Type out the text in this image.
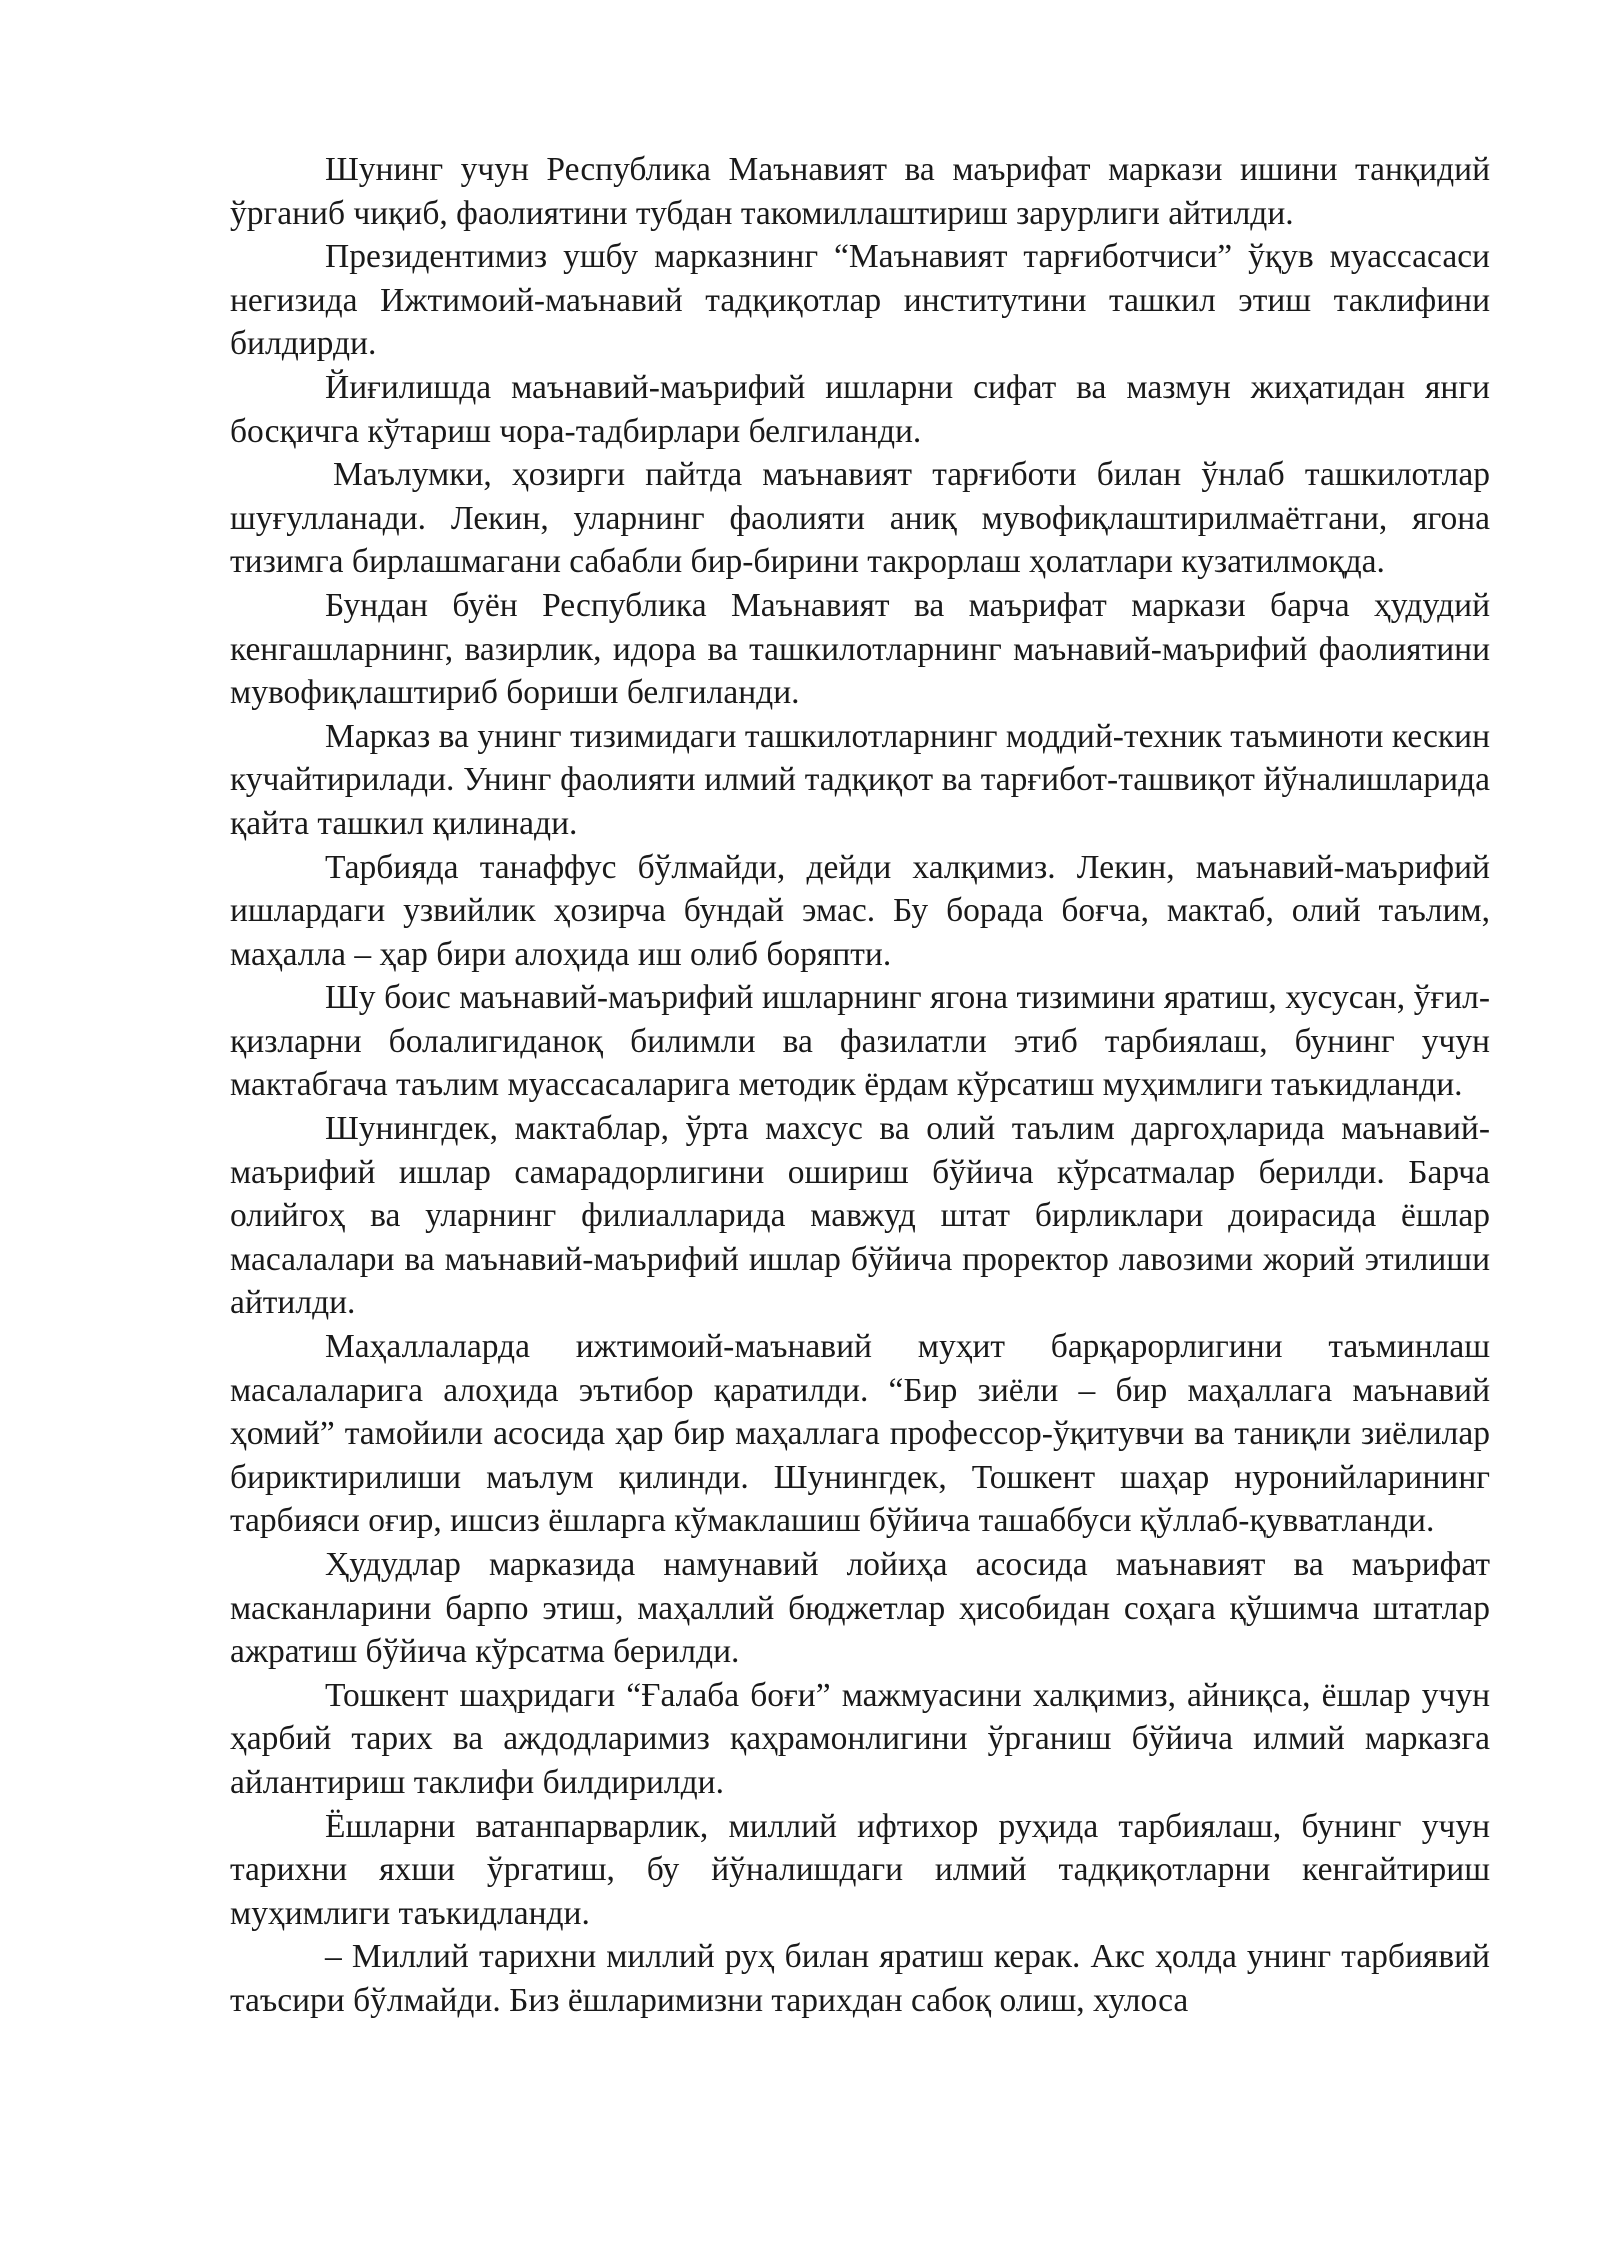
Шунинг учун Республика Маънавият ва маърифат маркази ишини танқидий ўрганиб чиқиб, фаолиятини тубдан такомиллаштириш зарурлиги айтилди.

Президентимиз ушбу марказнинг “Маънавият тарғиботчиси” ўқув муассасаси негизида Ижтимоий-маънавий тадқиқотлар институтини ташкил этиш таклифини билдирди.

Йиғилишда маънавий-маърифий ишларни сифат ва мазмун жиҳатидан янги босқичга кўтариш чора-тадбирлари белгиланди.

Маълумки, ҳозирги пайтда маънавият тарғиботи билан ўнлаб ташкилотлар шуғулланади. Лекин, уларнинг фаолияти аниқ мувофиқлаштирилмаётгани, ягона тизимга бирлашмагани сабабли бир-бирини такрорлаш ҳолатлари кузатилмоқда.

Бундан буён Республика Маънавият ва маърифат маркази барча ҳудудий кенгашларнинг, вазирлик, идора ва ташкилотларнинг маънавий-маърифий фаолиятини мувофиқлаштириб бориши белгиланди.

Марказ ва унинг тизимидаги ташкилотларнинг моддий-техник таъминоти кескин кучайтирилади. Унинг фаолияти илмий тадқиқот ва тарғибот-ташвиқот йўналишларида қайта ташкил қилинади.

Тарбияда танаффус бўлмайди, дейди халқимиз. Лекин, маънавий-маърифий ишлардаги узвийлик ҳозирча бундай эмас. Бу борада боғча, мактаб, олий таълим, маҳалла – ҳар бири алоҳида иш олиб боряпти.

Шу боис маънавий-маърифий ишларнинг ягона тизимини яратиш, хусусан, ўғил-қизларни болалигиданоқ билимли ва фазилатли этиб тарбиялаш, бунинг учун мактабгача таълим муассасаларига методик ёрдам кўрсатиш муҳимлиги таъкидланди.

Шунингдек, мактаблар, ўрта махсус ва олий таълим даргоҳларида маънавий-маърифий ишлар самарадорлигини ошириш бўйича кўрсатмалар берилди. Барча олийгоҳ ва уларнинг филиалларида мавжуд штат бирликлари доирасида ёшлар масалалари ва маънавий-маърифий ишлар бўйича проректор лавозими жорий этилиши айтилди.

Маҳаллаларда ижтимоий-маънавий муҳит барқарорлигини таъминлаш масалаларига алоҳида эътибор қаратилди. “Бир зиёли – бир маҳаллага маънавий ҳомий” тамойили асосида ҳар бир маҳаллага профессор-ўқитувчи ва таниқли зиёлилар бириктирилиши маълум қилинди. Шунингдек, Тошкент шаҳар нуронийларининг тарбияси оғир, ишсиз ёшларга кўмаклашиш бўйича ташаббуси қўллаб-қувватланди.

Ҳудудлар марказида намунавий лойиҳа асосида маънавият ва маърифат масканларини барпо этиш, маҳаллий бюджетлар ҳисобидан соҳага қўшимча штатлар ажратиш бўйича кўрсатма берилди.

Тошкент шаҳридаги “Ғалаба боғи” мажмуасини халқимиз, айниқса, ёшлар учун ҳарбий тарих ва аждодларимиз қаҳрамонлигини ўрганиш бўйича илмий марказга айлантириш таклифи билдирилди.

Ёшларни ватанпарварлик, миллий ифтихор руҳида тарбиялаш, бунинг учун тарихни яхши ўргатиш, бу йўналишдаги илмий тадқиқотларни кенгайтириш муҳимлиги таъкидланди.

– Миллий тарихни миллий руҳ билан яратиш керак. Акс ҳолда унинг тарбиявий таъсири бўлмайди. Биз ёшларимизни тарихдан сабоқ олиш, хулоса
